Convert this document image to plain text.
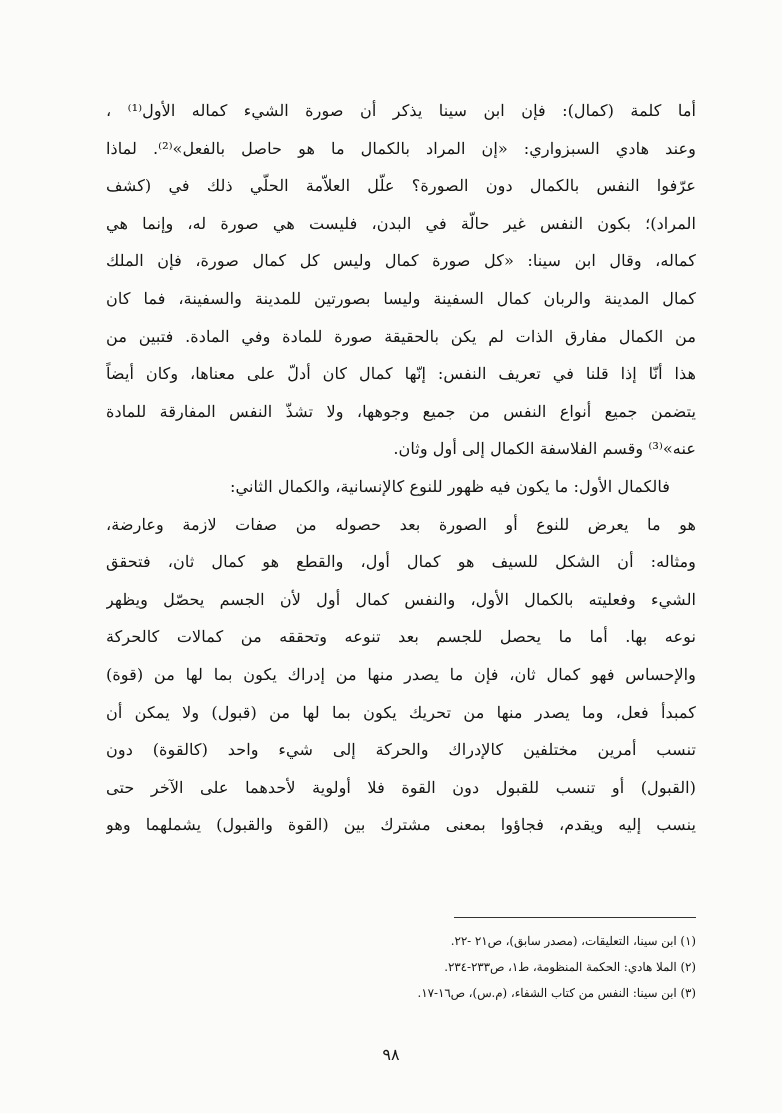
أما كلمة (كمال): فإن ابن سينا يذكر أن صورة الشيء كماله الأول⁽¹⁾ ،
وعند هادي السبزواري: «إن المراد بالكمال ما هو حاصل بالفعل»⁽²⁾. لماذا
عرّفوا النفس بالكمال دون الصورة؟ علّل العلاّمة الحلّي ذلك في (كشف
المراد)؛ بكون النفس غير حالّة في البدن، فليست هي صورة له، وإنما هي
كماله، وقال ابن سينا: «كل صورة كمال وليس كل كمال صورة، فإن الملك
كمال المدينة والربان كمال السفينة وليسا بصورتين للمدينة والسفينة، فما كان
من الكمال مفارق الذات لم يكن بالحقيقة صورة للمادة وفي المادة. فتبين من
هذا أنّا إذا قلنا في تعريف النفس: إنّها كمال كان أدلّ على معناها، وكان أيضاً
يتضمن جميع أنواع النفس من جميع وجوهها، ولا تشذّ النفس المفارقة للمادة
عنه»⁽³⁾ وقسم الفلاسفة الكمال إلى أول وثان.
فالكمال الأول: ما يكون فيه ظهور للنوع كالإنسانية، والكمال الثاني:
هو ما يعرض للنوع أو الصورة بعد حصوله من صفات لازمة وعارضة،
ومثاله: أن الشكل للسيف هو كمال أول، والقطع هو كمال ثان، فتحقق
الشيء وفعليته بالكمال الأول، والنفس كمال أول لأن الجسم يحصّل ويظهر
نوعه بها. أما ما يحصل للجسم بعد تنوعه وتحققه من كمالات كالحركة
والإحساس فهو كمال ثان، فإن ما يصدر منها من إدراك يكون بما لها من (قوة)
كمبدأ فعل، وما يصدر منها من تحريك يكون بما لها من (قبول) ولا يمكن أن
تنسب أمرين مختلفين كالإدراك والحركة إلى شيء واحد (كالقوة) دون
(القبول) أو تنسب للقبول دون القوة فلا أولوية لأحدهما على الآخر حتى
ينسب إليه ويقدم، فجاؤوا بمعنى مشترك بين (القوة والقبول) يشملهما وهو
(١) ابن سينا، التعليقات، (مصدر سابق)، ص٢١ -٢٢.
(٢) الملا هادي: الحكمة المنظومة، ط١، ص٢٣٣-٢٣٤.
(٣) ابن سينا: النفس من كتاب الشفاء، (م.س)، ص١٦-١٧.
٩٨
